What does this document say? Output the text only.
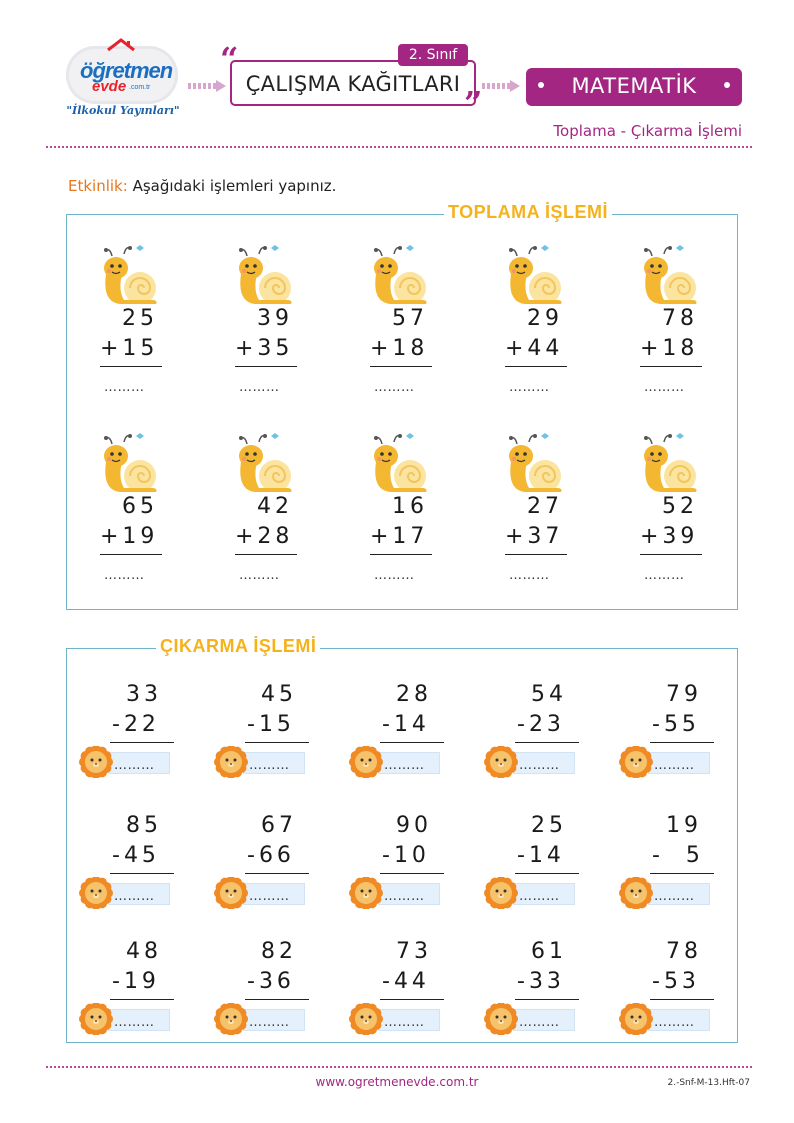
öğretmen
evde .com.tr
"İlkokul Yayınları"
ÇALIŞMA KAĞITLARI
“
”
2. Sınıf
MATEMATİK
Toplama - Çıkarma İşlemi
Etkinlik: Aşağıdaki işlemleri yapınız.
TOPLAMA İŞLEMİ
25
+15
………
39
+35
………
57
+18
………
29
+44
………
78
+18
………
65
+19
………
42
+28
………
16
+17
………
27
+37
………
52
+39
………
ÇIKARMA İŞLEMİ
33
-22
………
45
-15
………
28
-14
………
54
-23
………
79
-55
………
85
-45
………
67
-66
………
90
-10
………
25
-14
………
19
-  5
………
48
-19
………
82
-36
………
73
-44
………
61
-33
………
78
-53
………
www.ogretmenevde.com.tr	2.-Snf-M-13.Hft-07
